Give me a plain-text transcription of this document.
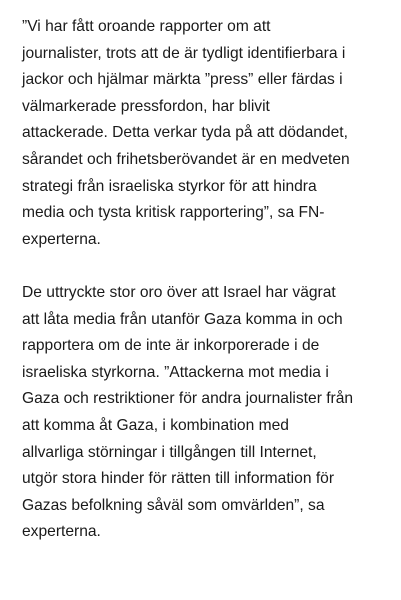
”Vi har fått oroande rapporter om att
journalister, trots att de är tydligt identifierbara i
jackor och hjälmar märkta ”press” eller färdas i
välmarkerade pressfordon, har blivit
attackerade. Detta verkar tyda på att dödandet,
sårandet och frihetsberövandet är en medveten
strategi från israeliska styrkor för att hindra
media och tysta kritisk rapportering”, sa FN-
experterna.

De uttryckte stor oro över att Israel har vägrat
att låta media från utanför Gaza komma in och
rapportera om de inte är inkorporerade i de
israeliska styrkorna. ”Attackerna mot media i
Gaza och restriktioner för andra journalister från
att komma åt Gaza, i kombination med
allvarliga störningar i tillgången till Internet,
utgör stora hinder för rätten till information för
Gazas befolkning såväl som omvärlden”, sa
experterna.
